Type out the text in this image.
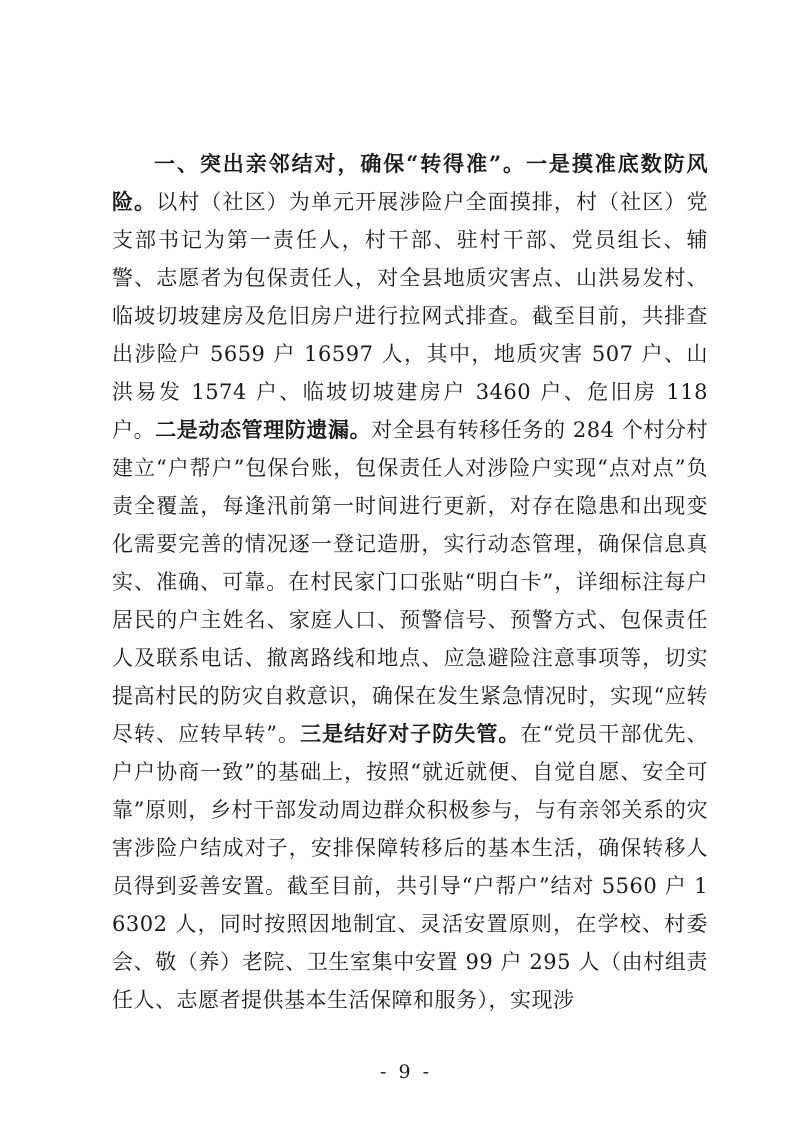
一、突出亲邻结对，确保“转得准”。一是摸准底数防风险。以村（社区）为单元开展涉险户全面摸排，村（社区）党支部书记为第一责任人，村干部、驻村干部、党员组长、辅警、志愿者为包保责任人，对全县地质灾害点、山洪易发村、临坡切坡建房及危旧房户进行拉网式排查。截至目前，共排查出涉险户 5659 户 16597 人，其中，地质灾害 507 户、山洪易发 1574 户、临坡切坡建房户 3460 户、危旧房 118 户。二是动态管理防遗漏。对全县有转移任务的 284 个村分村建立“户帮户”包保台账，包保责任人对涉险户实现“点对点”负责全覆盖，每逢汛前第一时间进行更新，对存在隐患和出现变化需要完善的情况逐一登记造册，实行动态管理，确保信息真实、准确、可靠。在村民家门口张贴“明白卡”，详细标注每户居民的户主姓名、家庭人口、预警信号、预警方式、包保责任人及联系电话、撤离路线和地点、应急避险注意事项等，切实提高村民的防灾自救意识，确保在发生紧急情况时，实现“应转尽转、应转早转”。三是结好对子防失管。在“党员干部优先、户户协商一致”的基础上，按照“就近就便、自觉自愿、安全可靠”原则，乡村干部发动周边群众积极参与，与有亲邻关系的灾害涉险户结成对子，安排保障转移后的基本生活，确保转移人员得到妥善安置。截至目前，共引导“户帮户”结对 5560 户 16302 人，同时按照因地制宜、灵活安置原则，在学校、村委会、敬（养）老院、卫生室集中安置 99 户 295 人（由村组责任人、志愿者提供基本生活保障和服务），实现涉

- 9 -
